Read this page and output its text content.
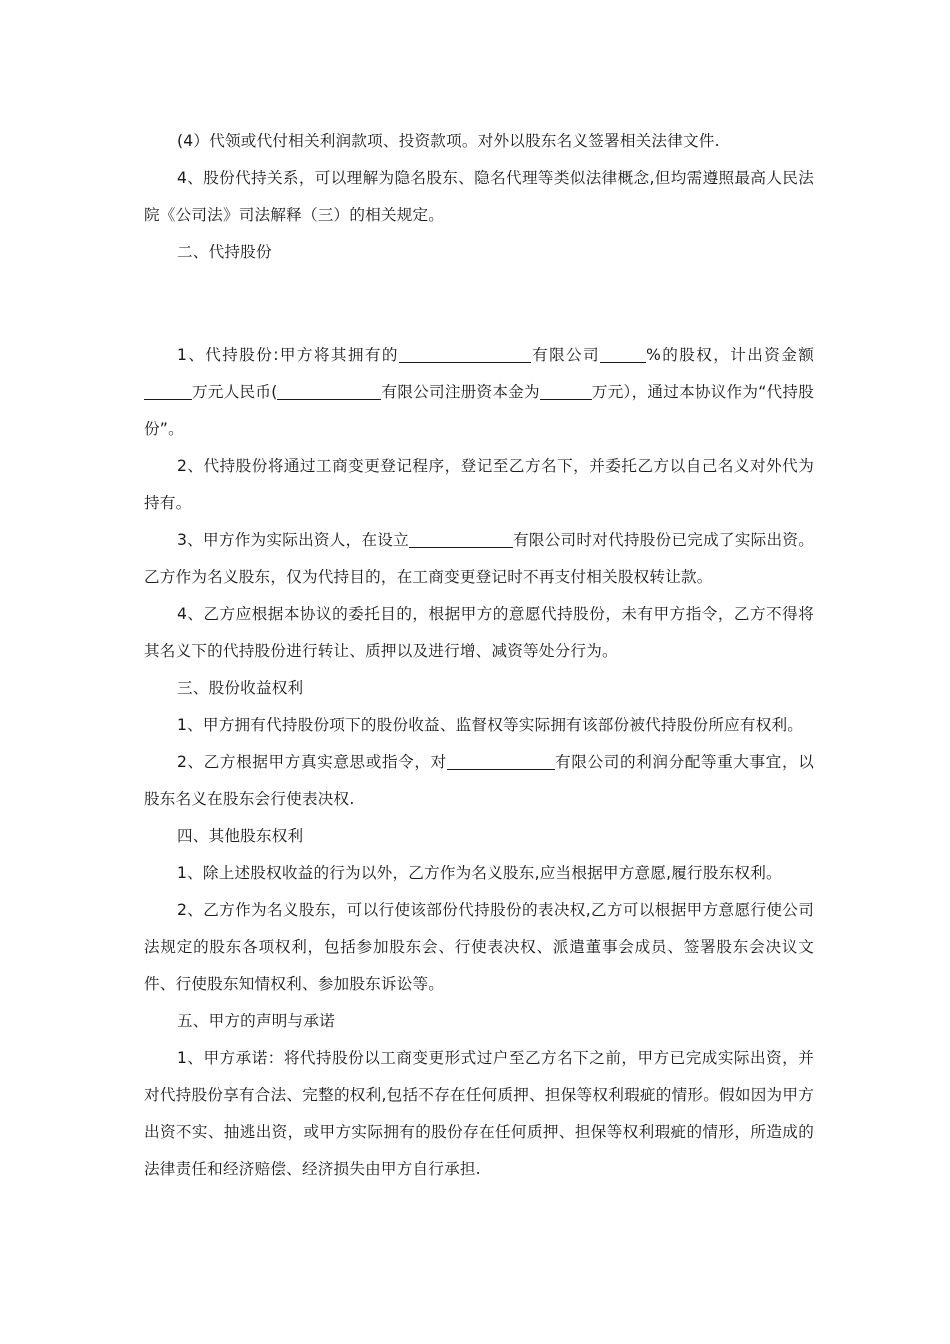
(4）代领或代付相关利润款项、投资款项。对外以股东名义签署相关法律文件.

4、股份代持关系，可以理解为隐名股东、隐名代理等类似法律概念,但均需遵照最高人民法院《公司法》司法解释（三）的相关规定。

二、代持股份

1、代持股份:甲方将其拥有的	有限公司	%的股权，计出资金额万元人民币(	有限公司注册资本金为	万元），通过本协议作为“代持股份”。

2、代持股份将通过工商变更登记程序，登记至乙方名下，并委托乙方以自己名义对外代为持有。

3、甲方作为实际出资人，在设立	有限公司时对代持股份已完成了实际出资。乙方作为名义股东，仅为代持目的，在工商变更登记时不再支付相关股权转让款。

4、乙方应根据本协议的委托目的，根据甲方的意愿代持股份，未有甲方指令，乙方不得将其名义下的代持股份进行转让、质押以及进行增、减资等处分行为。

三、股份收益权利

1、甲方拥有代持股份项下的股份收益、监督权等实际拥有该部份被代持股份所应有权利。

2、乙方根据甲方真实意思或指令，对	有限公司的利润分配等重大事宜，以股东名义在股东会行使表决权.

四、其他股东权利

1、除上述股权收益的行为以外，乙方作为名义股东,应当根据甲方意愿,履行股东权利。

2、乙方作为名义股东，可以行使该部份代持股份的表决权,乙方可以根据甲方意愿行使公司法规定的股东各项权利，包括参加股东会、行使表决权、派遣董事会成员、签署股东会决议文件、行使股东知情权利、参加股东诉讼等。

五、甲方的声明与承诺

1、甲方承诺：将代持股份以工商变更形式过户至乙方名下之前，甲方已完成实际出资，并对代持股份享有合法、完整的权利,包括不存在任何质押、担保等权利瑕疵的情形。假如因为甲方出资不实、抽逃出资，或甲方实际拥有的股份存在任何质押、担保等权利瑕疵的情形，所造成的法律责任和经济赔偿、经济损失由甲方自行承担.
